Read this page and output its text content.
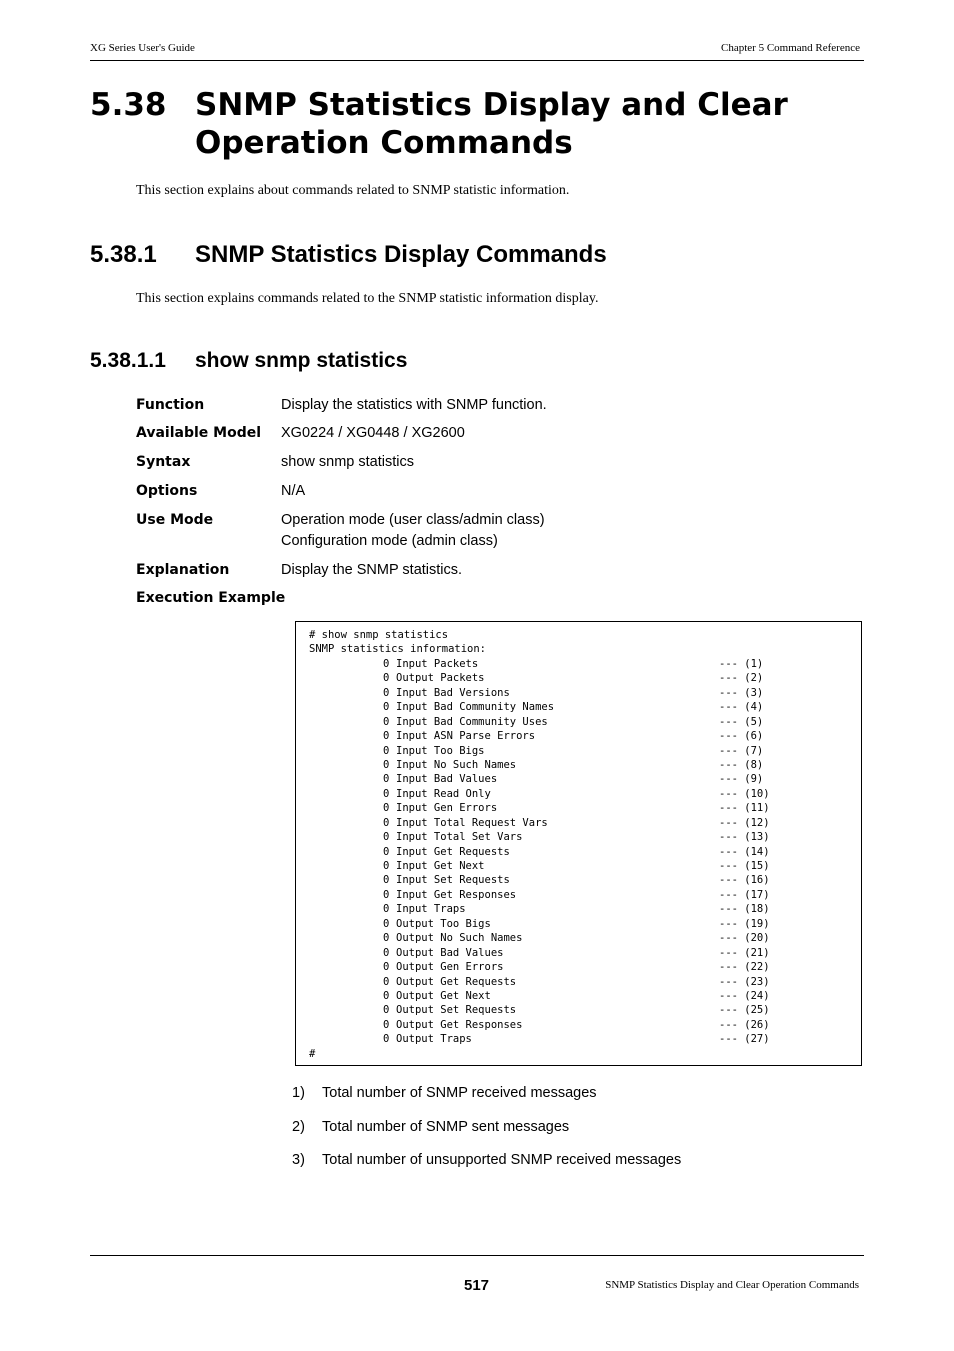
XG Series User's Guide	Chapter 5 Command Reference
5.38 SNMP Statistics Display and Clear Operation Commands
This section explains about commands related to SNMP statistic information.
5.38.1 SNMP Statistics Display Commands
This section explains commands related to the SNMP statistic information display.
5.38.1.1 show snmp statistics
Function	Display the statistics with SNMP function.
Available Model XG0224 / XG0448 / XG2600
Syntax	show snmp statistics
Options	N/A
Use Mode	Operation mode (user class/admin class)
Configuration mode (admin class)
Explanation	Display the SNMP statistics.
Execution Example
# show snmp statistics
SNMP statistics information:
0 Input Packets	--- (1)
0 Output Packets	--- (2)
0 Input Bad Versions	--- (3)
0 Input Bad Community Names	--- (4)
0 Input Bad Community Uses	--- (5)
0 Input ASN Parse Errors	--- (6)
0 Input Too Bigs	--- (7)
0 Input No Such Names	--- (8)
0 Input Bad Values	--- (9)
0 Input Read Only	--- (10)
0 Input Gen Errors	--- (11)
0 Input Total Request Vars	--- (12)
0 Input Total Set Vars	--- (13)
0 Input Get Requests	--- (14)
0 Input Get Next	--- (15)
0 Input Set Requests	--- (16)
0 Input Get Responses	--- (17)
0 Input Traps	--- (18)
0 Output Too Bigs	--- (19)
0 Output No Such Names	--- (20)
0 Output Bad Values	--- (21)
0 Output Gen Errors	--- (22)
0 Output Get Requests	--- (23)
0 Output Get Next	--- (24)
0 Output Set Requests	--- (25)
0 Output Get Responses	--- (26)
0 Output Traps	--- (27)
#
1) Total number of SNMP received messages
2) Total number of SNMP sent messages
3) Total number of unsupported SNMP received messages
517	SNMP Statistics Display and Clear Operation Commands
